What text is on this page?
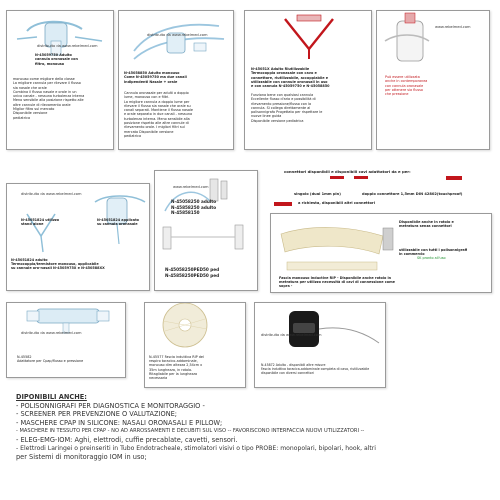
distribuito da www.rebelmed.com
N-45059750 Adulto
cannula oronasale con
filtro, monouso
monouso come migliore della classe
La migliore cannula per rilevare il flusso
sia nasale che orale
Combina il flusso nasale e orale in un
unico canale - nessuna turbolenza interna
Meno sensibile alla posizione rispetto alle
altre cannule di rilevamento orale
Miglior filtro sul mercato
Disponibile versione
pediatrica
distribuito da www.rebelmed.com
N-45058850 Adulto monouso
Come N-45059750 ma due canali
indipendenti Nasale + orale
Cannula oronasale per adulti a doppio
lume, monouso con e filtri.
La migliore cannula a doppio lume per
rilevare il flusso sia nasale che orale su
canali separati. Mantiene il flusso nasale
e orale separato in due canali - nessuna
turbolenza interna. Meno sensibile alla
posizione rispetto alle altre cannule di
rilevamento orale. I migliori filtri sul
mercato Disponibile versione
pediatrica
N-45051X Adulto Riutilizzabile
Termocoppia oronasale con cavo e
connettore, riutilizzabile, accoppiabile e
utilizzabile con cannule oronasali in uso
e con cannula N-45059750 e N-45058850
Funziona bene con qualsiasi cannula
Eccellente flusso d'aria e possibilità di
rilevamento pressione/flusso con la
cannula. Si collega direttamente al
polisonnigrafo Progettato per rispettare le
nuove linee guida
Disponibile versione pediatrica
www.rebelmed.com
Può essere utilizzata
anche in contemporanea
con cannula oronasale
per ottenere sia flusso
che pressione
distribuito da www.rebelmed.com
N-45051824 utilizzo
stand alone
N-45051824 applicato
su cannula oronasale
N-45051824 adulto
Termocoppia/termistore monouso, applicabile
su cannule oro-nasali N-4505975X e N-450588XX
www.rebelmed.com
N-45058250 adulto
N-45858250 adulto
N-45858150
N-45058250PED50 ped
N-45858250PED50 ped
connettori disponibili e disponibili cavi adattatori da e per:
singolo (dual 1mm pin)	doppio connettore 1,5mm DIN 42802(touchproof)
a richiesta, disponibili altri connettori
Disponibile anche in rotolo e
metratura senza connettori
utilizzabile con tutti i polisonnigrafi
in commercio
SK pronto all'uso
Fascia monouso Inductive RIP - Disponibile anche rotolo in
metratura per utilizzo necessità di cavi di connessione come
sopra -
distribuito da www.rebelmed.com
N-45582
Adattatore per Cpap/flusso e pressione
N-45577 Fascia induttiva RIP del
respiro toracico-addominale,
monouso dim altezza 2,54cm x
35m lunghezza, in rotolo.
Ritagliabile per la lunghezza
necessaria
distribuito da www.rebelmed.com
N-45872 Adulto - disponibili altre misure
Fascia induttiva toracica-addominale completa di cavo, riutilizzabile
disponibile con diversi connettori
DIPONIBILI ANCHE:
- POLISONNIGRAFI PER DIAGNOSTICA E MONITORAGGIO -
- SCREENER PER PREVENZIONE O VALUTAZIONE;
- MASCHERE CPAP IN SILICONE: NASALI ORONASALI E PILLOW;
- MASCHERE IN TESSUTO PER CPAP - NO AD ARROSSAMENTI E DECUBITI SUL VISO -- FAVORISCONO INTERFACCIA NUOVI UTILIZZATORI --
- ELEG-EMG-IOM: Aghi, elettrodi, cuffie precablate, cavetti, sensori.
- Elettrodi Laringei o preinseriti in Tubo Endotracheale, stimolatori visivi o tipo PROBE: monopolari, bipolari, hook, altri
per Sistemi di monitoraggio IOM in uso;
